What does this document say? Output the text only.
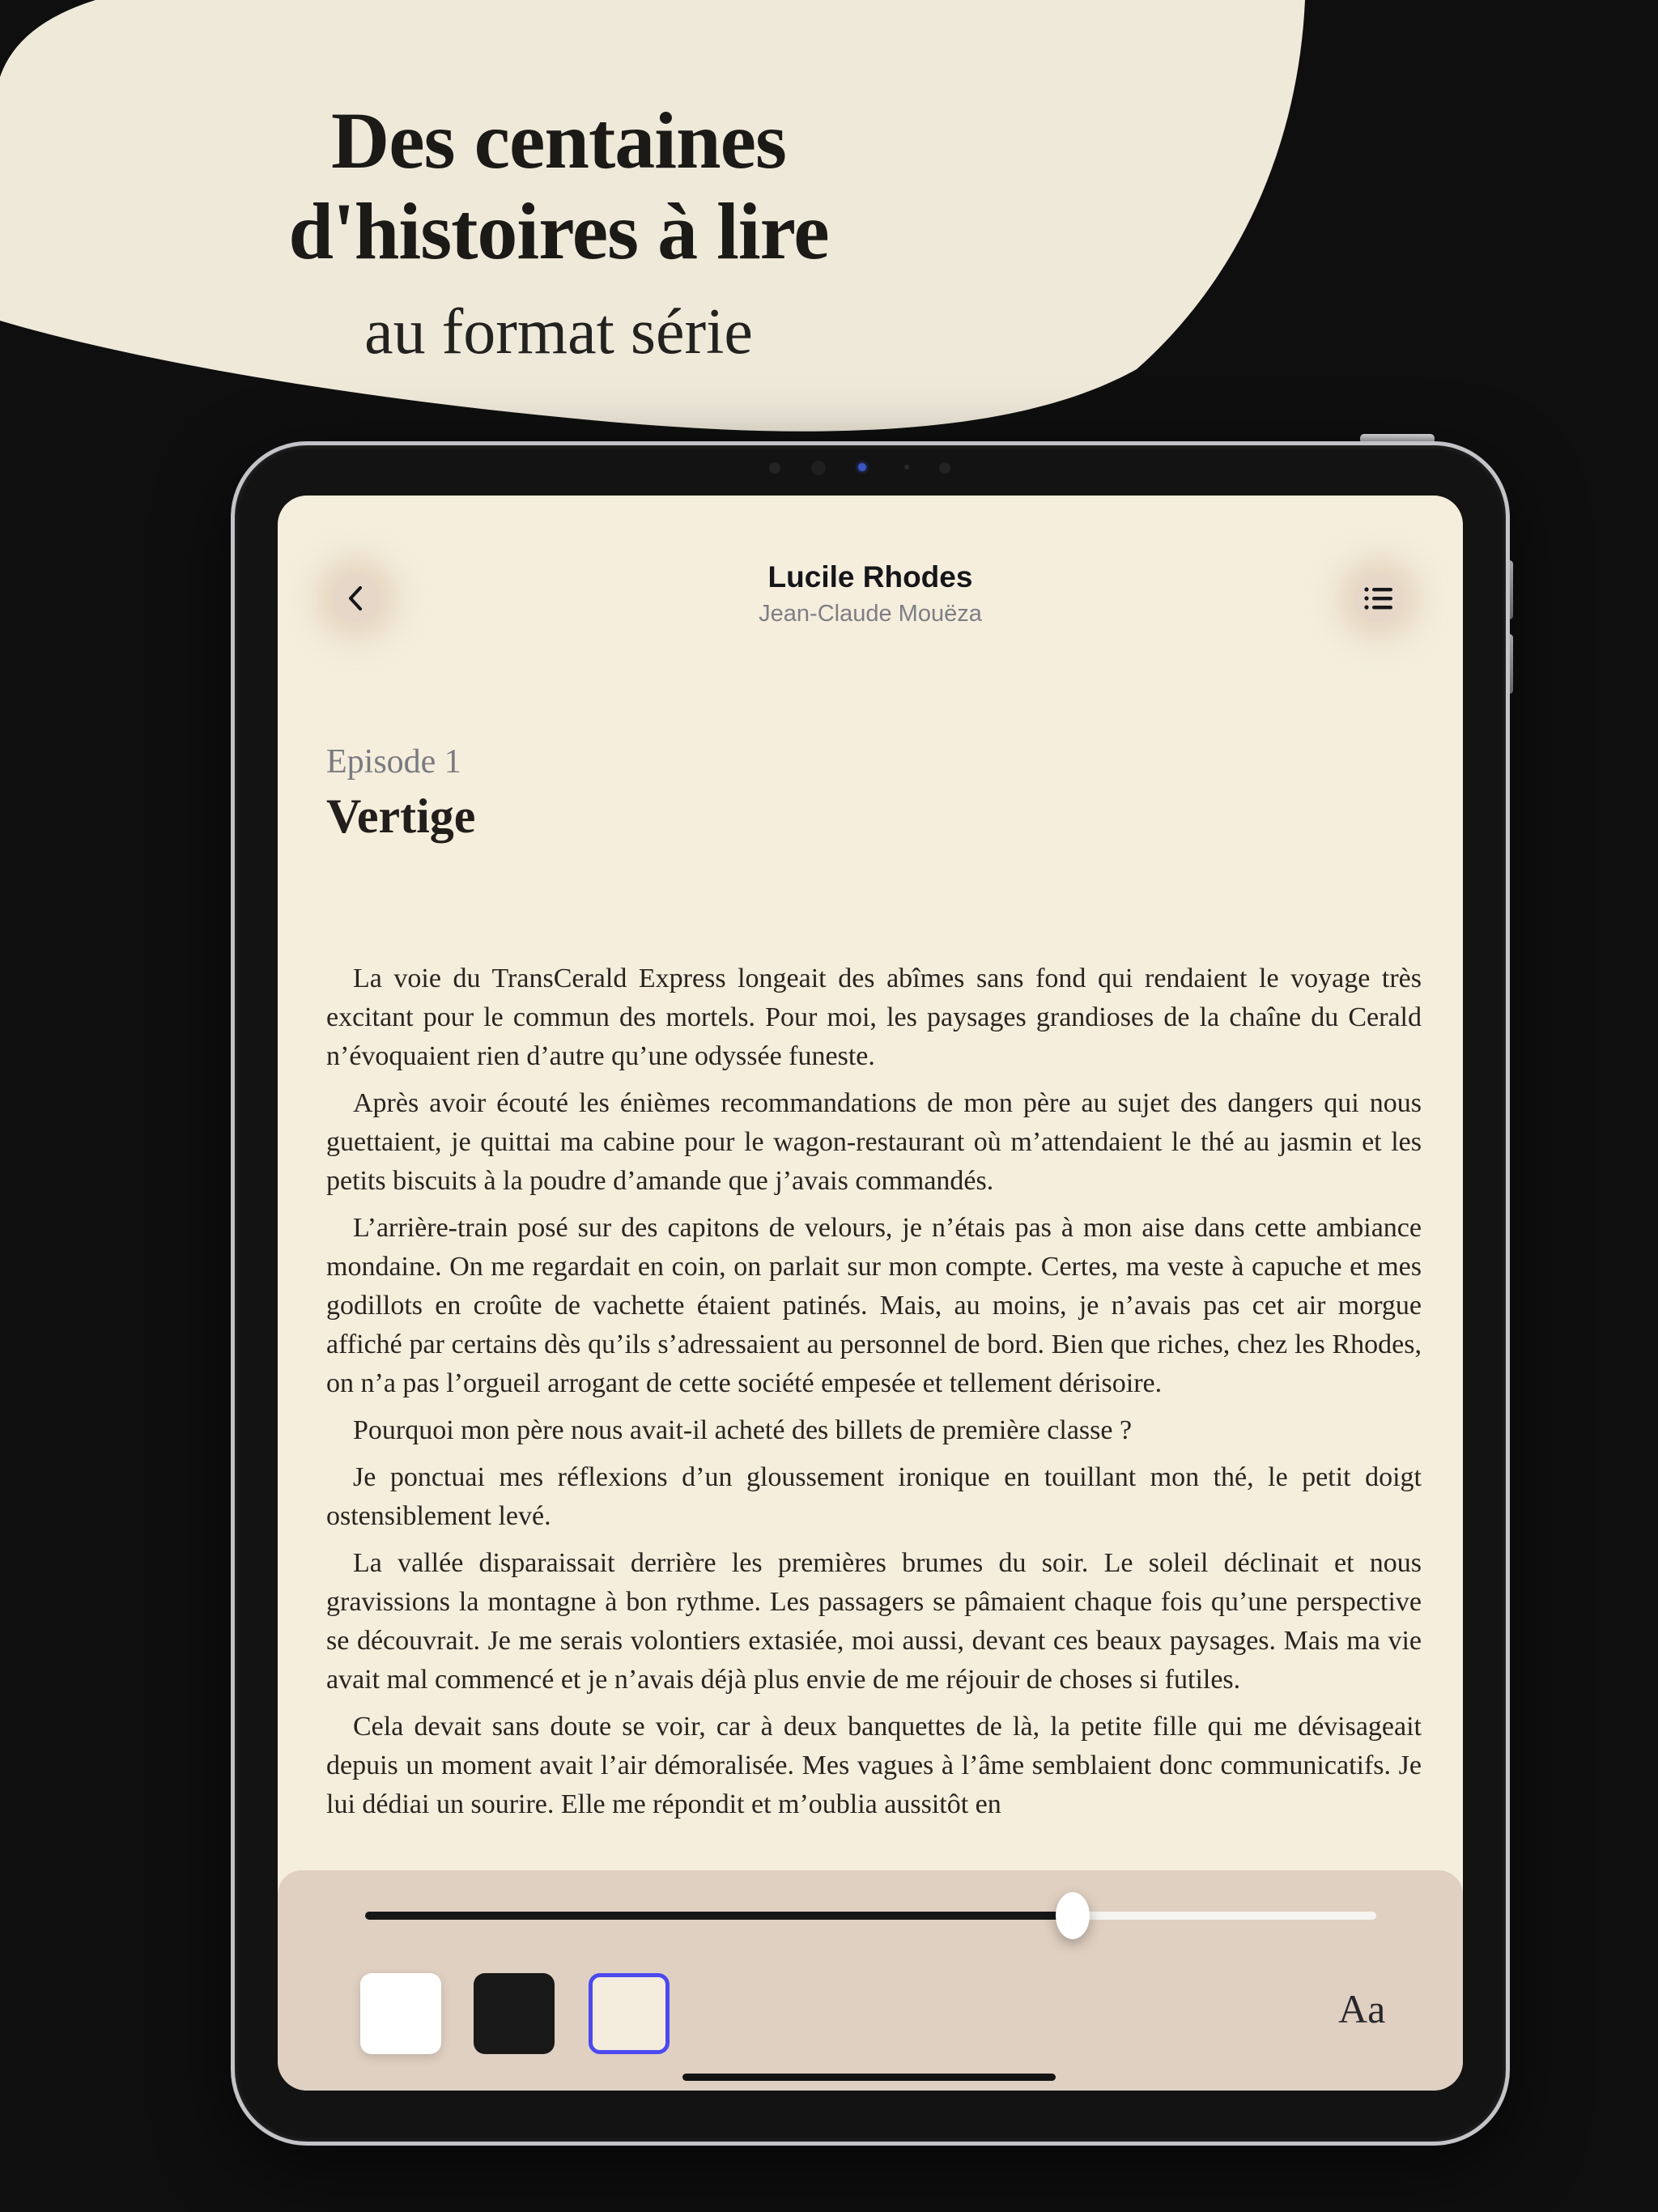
Des centaines
d'histoires à lire
au format série
Lucile Rhodes
Jean-Claude Mouëza
Episode 1
Vertige

La voie du TransCerald Express longeait des abîmes sans fond qui rendaient le voyage très excitant pour le commun des mortels. Pour moi, les paysages grandioses de la chaîne du Cerald n’évoquaient rien d’autre qu’une odyssée funeste.

Après avoir écouté les énièmes recommandations de mon père au sujet des dangers qui nous guettaient, je quittai ma cabine pour le wagon-restaurant où m’attendaient le thé au jasmin et les petits biscuits à la poudre d’amande que j’avais commandés.

L’arrière-train posé sur des capitons de velours, je n’étais pas à mon aise dans cette ambiance mondaine. On me regardait en coin, on parlait sur mon compte. Certes, ma veste à capuche et mes godillots en croûte de vachette étaient patinés. Mais, au moins, je n’avais pas cet air morgue affiché par certains dès qu’ils s’adressaient au personnel de bord. Bien que riches, chez les Rhodes, on n’a pas l’orgueil arrogant de cette société empesée et tellement dérisoire.

Pourquoi mon père nous avait-il acheté des billets de première classe ?

Je ponctuai mes réflexions d’un gloussement ironique en touillant mon thé, le petit doigt ostensiblement levé.

La vallée disparaissait derrière les premières brumes du soir. Le soleil déclinait et nous gravissions la montagne à bon rythme. Les passagers se pâmaient chaque fois qu’une perspective se découvrait. Je me serais volontiers extasiée, moi aussi, devant ces beaux paysages. Mais ma vie avait mal commencé et je n’avais déjà plus envie de me réjouir de choses si futiles.

Cela devait sans doute se voir, car à deux banquettes de là, la petite fille qui me dévisageait depuis un moment avait l’air démoralisée. Mes vagues à l’âme semblaient donc communicatifs. Je lui dédiai un sourire. Elle me répondit et m’oublia aussitôt en

Aa
